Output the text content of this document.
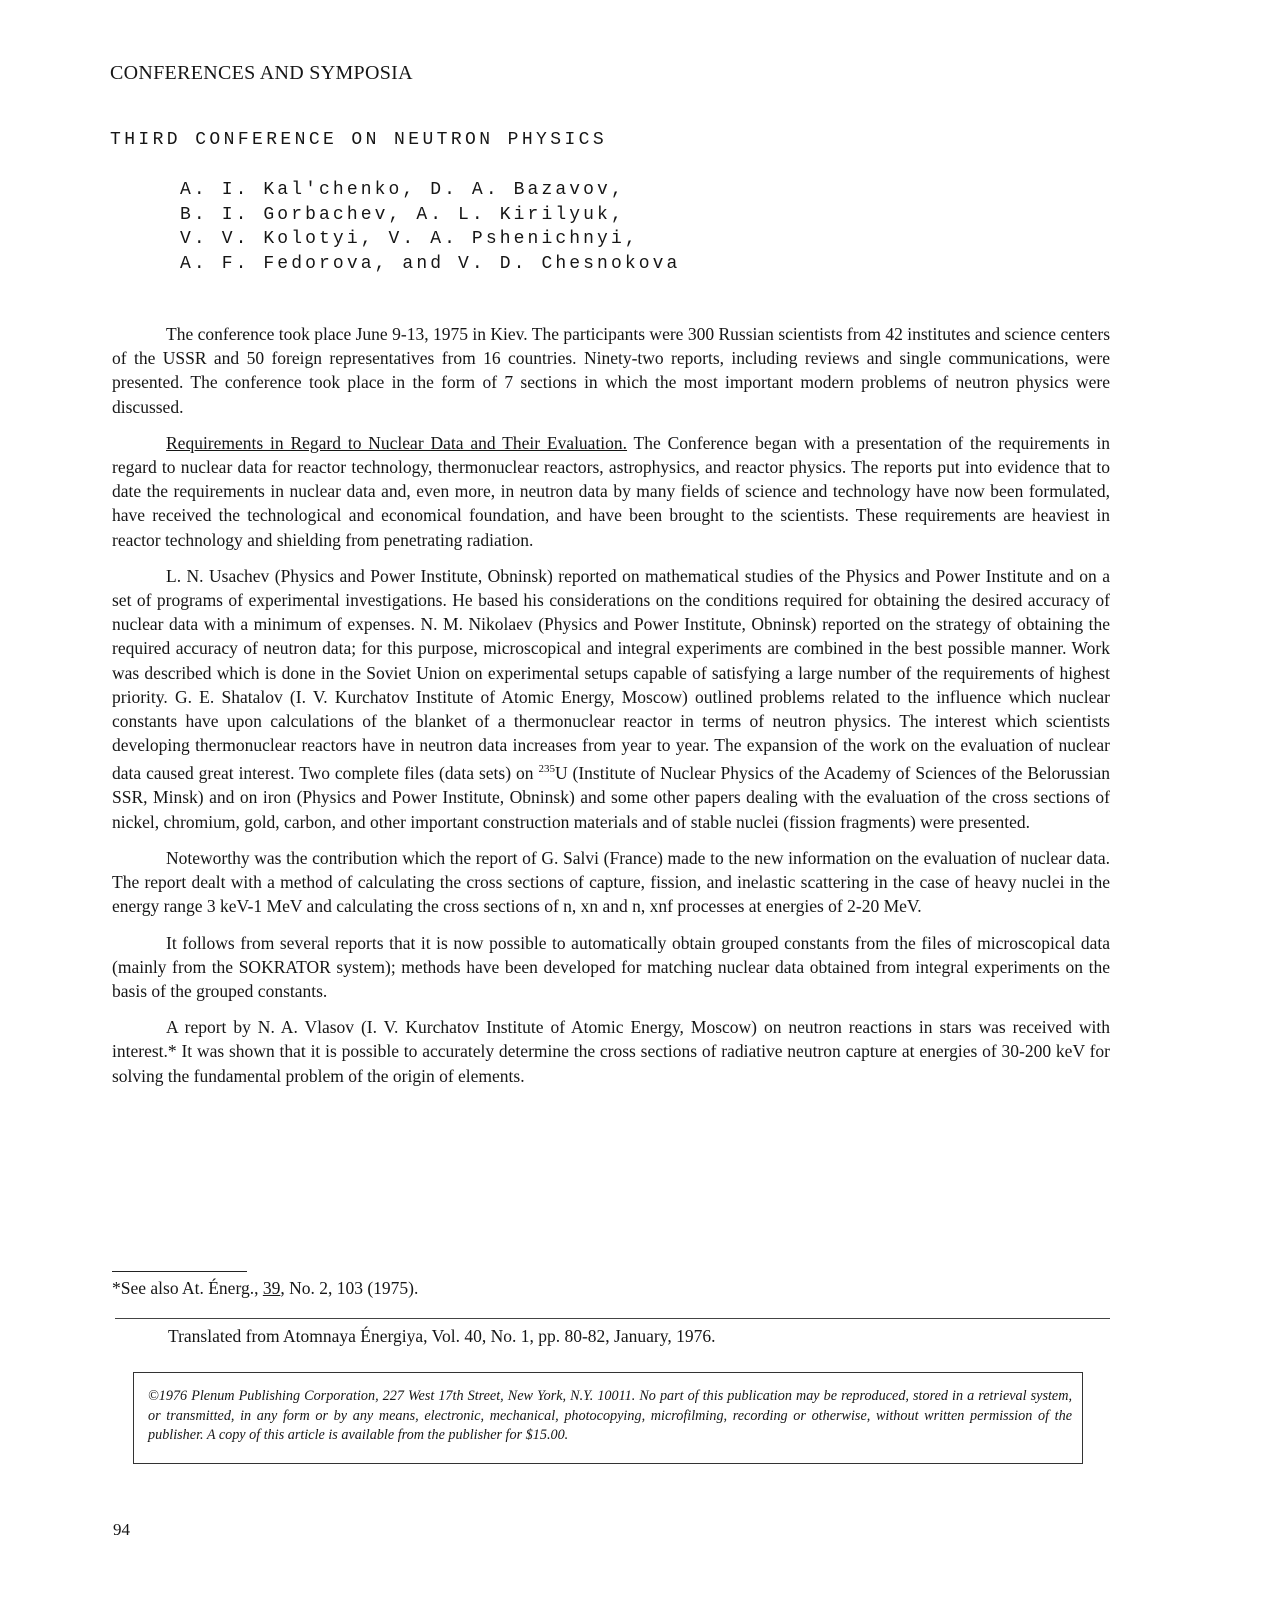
CONFERENCES AND SYMPOSIA
THIRD CONFERENCE ON NEUTRON PHYSICS
A. I. Kal'chenko, D. A. Bazavov,
B. I. Gorbachev, A. L. Kirilyuk,
V. V. Kolotyi, V. A. Pshenichnyi,
A. F. Fedorova, and V. D. Chesnokova

The conference took place June 9-13, 1975 in Kiev. The participants were 300 Russian scientists from 42 institutes and science centers of the USSR and 50 foreign representatives from 16 countries. Ninety-two reports, including reviews and single communications, were presented. The conference took place in the form of 7 sections in which the most important modern problems of neutron physics were discussed.

Requirements in Regard to Nuclear Data and Their Evaluation. The Conference began with a presentation of the requirements in regard to nuclear data for reactor technology, thermonuclear reactors, astrophysics, and reactor physics. The reports put into evidence that to date the requirements in nuclear data and, even more, in neutron data by many fields of science and technology have now been formulated, have received the technological and economical foundation, and have been brought to the scientists. These requirements are heaviest in reactor technology and shielding from penetrating radiation.

L. N. Usachev (Physics and Power Institute, Obninsk) reported on mathematical studies of the Physics and Power Institute and on a set of programs of experimental investigations. He based his considerations on the conditions required for obtaining the desired accuracy of nuclear data with a minimum of expenses. N. M. Nikolaev (Physics and Power Institute, Obninsk) reported on the strategy of obtaining the required accuracy of neutron data; for this purpose, microscopical and integral experiments are combined in the best possible manner. Work was described which is done in the Soviet Union on experimental setups capable of satisfying a large number of the requirements of highest priority. G. E. Shatalov (I. V. Kurchatov Institute of Atomic Energy, Moscow) outlined problems related to the influence which nuclear constants have upon calculations of the blanket of a thermonuclear reactor in terms of neutron physics. The interest which scientists developing thermonuclear reactors have in neutron data increases from year to year. The expansion of the work on the evaluation of nuclear data caused great interest. Two complete files (data sets) on $^{235}$U (Institute of Nuclear Physics of the Academy of Sciences of the Belorussian SSR, Minsk) and on iron (Physics and Power Institute, Obninsk) and some other papers dealing with the evaluation of the cross sections of nickel, chromium, gold, carbon, and other important construction materials and of stable nuclei (fission fragments) were presented.

Noteworthy was the contribution which the report of G. Salvi (France) made to the new information on the evaluation of nuclear data. The report dealt with a method of calculating the cross sections of capture, fission, and inelastic scattering in the case of heavy nuclei in the energy range 3 keV-1 MeV and calculating the cross sections of n, xn and n, xnf processes at energies of 2-20 MeV.

It follows from several reports that it is now possible to automatically obtain grouped constants from the files of microscopical data (mainly from the SOKRATOR system); methods have been developed for matching nuclear data obtained from integral experiments on the basis of the grouped constants.

A report by N. A. Vlasov (I. V. Kurchatov Institute of Atomic Energy, Moscow) on neutron reactions in stars was received with interest.* It was shown that it is possible to accurately determine the cross sections of radiative neutron capture at energies of 30-200 keV for solving the fundamental problem of the origin of elements.

*See also At. Énerg., 39, No. 2, 103 (1975).
Translated from Atomnaya Énergiya, Vol. 40, No. 1, pp. 80-82, January, 1976.
©1976 Plenum Publishing Corporation, 227 West 17th Street, New York, N.Y. 10011. No part of this publication may be reproduced, stored in a retrieval system, or transmitted, in any form or by any means, electronic, mechanical, photocopying, microfilming, recording or otherwise, without written permission of the publisher. A copy of this article is available from the publisher for $15.00.
94
